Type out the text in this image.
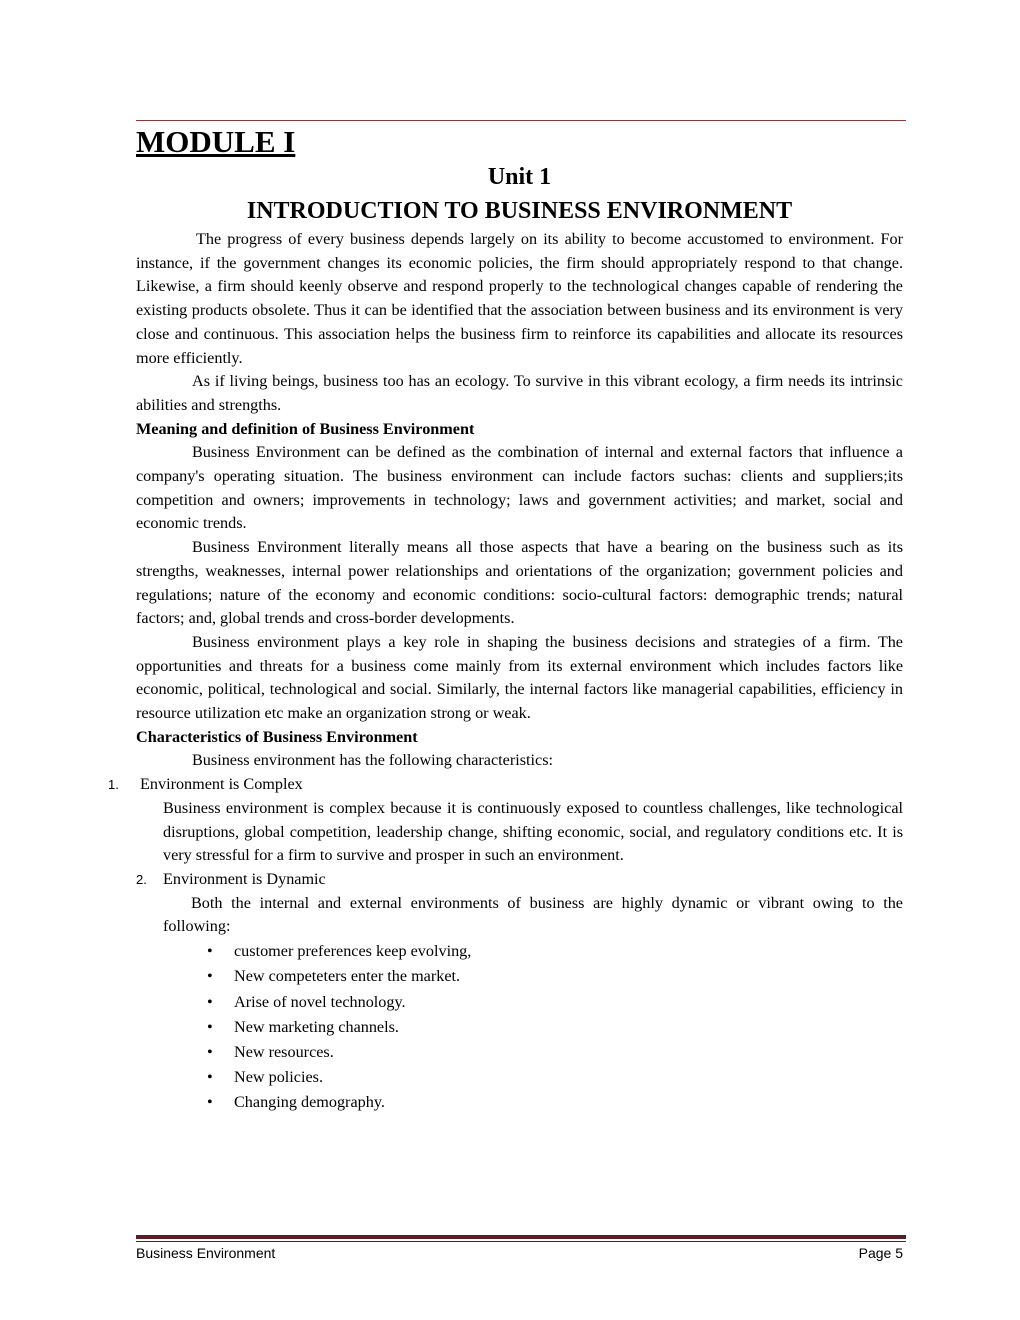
MODULE I
Unit 1
INTRODUCTION TO BUSINESS ENVIRONMENT

The progress of every business depends largely on its ability to become accustomed to environment. For instance, if the government changes its economic policies, the firm should appropriately respond to that change. Likewise, a firm should keenly observe and respond properly to the technological changes capable of rendering the existing products obsolete. Thus it can be identified that the association between business and its environment is very close and continuous. This association helps the business firm to reinforce its capabilities and allocate its resources more efficiently.

As if living beings, business too has an ecology. To survive in this vibrant ecology, a firm needs its intrinsic abilities and strengths.

Meaning and definition of Business Environment

Business Environment can be defined as the combination of internal and external factors that influence a company's operating situation. The business environment can include factors suchas: clients and suppliers;its competition and owners; improvements in technology; laws and government activities; and market, social and economic trends.

Business Environment literally means all those aspects that have a bearing on the business such as its strengths, weaknesses, internal power relationships and orientations of the organization; government policies and regulations; nature of the economy and economic conditions: socio-cultural factors: demographic trends; natural factors; and, global trends and cross-border developments.

Business environment plays a key role in shaping the business decisions and strategies of a firm. The opportunities and threats for a business come mainly from its external environment which includes factors like economic, political, technological and social. Similarly, the internal factors like managerial capabilities, efficiency in resource utilization etc make an organization strong or weak.

Characteristics of Business Environment

Business environment has the following characteristics:

1. Environment is Complex

Business environment is complex because it is continuously exposed to countless challenges, like technological disruptions, global competition, leadership change, shifting economic, social, and regulatory conditions etc. It is very stressful for a firm to survive and prosper in such an environment.

2. Environment is Dynamic

Both the internal and external environments of business are highly dynamic or vibrant owing to the following:

• customer preferences keep evolving,
• New competeters enter the market.
• Arise of novel technology.
• New marketing channels.
• New resources.
• New policies.
• Changing demography.
Business Environment	Page 5
